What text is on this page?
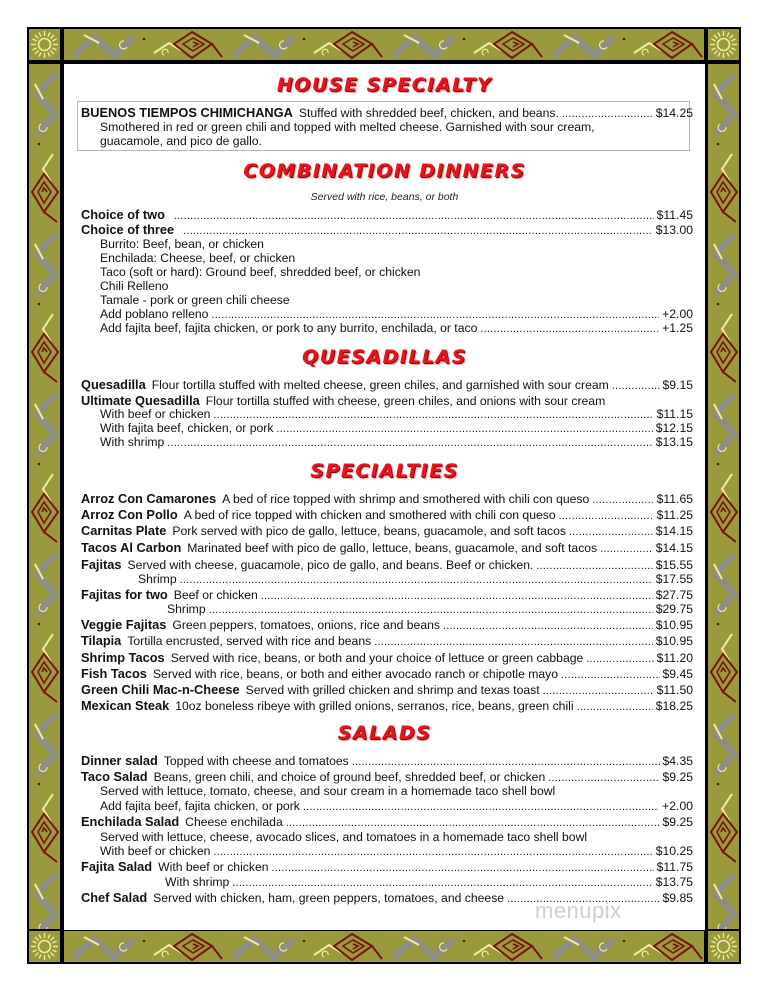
HOUSE SPECIALTY
BUENOS TIEMPOS CHIMICHANGA Stuffed with shredded beef, chicken, and beans. .....	$14.25
Smothered in red or green chili and topped with melted cheese. Garnished with sour cream,
guacamole, and pico de gallo.
COMBINATION DINNERS
Served with rice, beans, or both
Choice of two .....	$11.45
Choice of three .....	$13.00
Burrito: Beef, bean, or chicken
Enchilada: Cheese, beef, or chicken
Taco (soft or hard): Ground beef, shredded beef, or chicken
Chili Relleno
Tamale - pork or green chili cheese
Add poblano relleno .....	+2.00
Add fajita beef, fajita chicken, or pork to any burrito, enchilada, or taco .....	+1.25
QUESADILLAS
Quesadilla Flour tortilla stuffed with melted cheese, green chiles, and garnished with sour cream .....	$9.15
Ultimate Quesadilla Flour tortilla stuffed with cheese, green chiles, and onions with sour cream
With beef or chicken .....	$11.15
With fajita beef, chicken, or pork .....	$12.15
With shrimp .....	$13.15
SPECIALTIES
Arroz Con Camarones A bed of rice topped with shrimp and smothered with chili con queso .....	$11.65
Arroz Con Pollo A bed of rice topped with chicken and smothered with chili con queso .....	$11.25
Carnitas Plate Pork served with pico de gallo, lettuce, beans, guacamole, and soft tacos .....	$14.15
Tacos Al Carbon Marinated beef with pico de gallo, lettuce, beans, guacamole, and soft tacos .....	$14.15
Fajitas Served with cheese, guacamole, pico de gallo, and beans. Beef or chicken. .....	$15.55
Shrimp .....	$17.55
Fajitas for two Beef or chicken .....	$27.75
Shrimp .....	$29.75
Veggie Fajitas Green peppers, tomatoes, onions, rice and beans .....	$10.95
Tilapia Tortilla encrusted, served with rice and beans .....	$10.95
Shrimp Tacos Served with rice, beans, or both and your choice of lettuce or green cabbage .....	$11.20
Fish Tacos Served with rice, beans, or both and either avocado ranch or chipotle mayo .....	$9.45
Green Chili Mac-n-Cheese Served with grilled chicken and shrimp and texas toast .....	$11.50
Mexican Steak 10oz boneless ribeye with grilled onions, serranos, rice, beans, green chili .....	$18.25
SALADS
Dinner salad Topped with cheese and tomatoes .....	$4.35
Taco Salad Beans, green chili, and choice of ground beef, shredded beef, or chicken .....	$9.25
Served with lettuce, tomato, cheese, and sour cream in a homemade taco shell bowl
Add fajita beef, fajita chicken, or pork .....	+2.00
Enchilada Salad Cheese enchilada .....	$9.25
Served with lettuce, cheese, avocado slices, and tomatoes in a homemade taco shell bowl
With beef or chicken .....	$10.25
Fajita Salad With beef or chicken .....	$11.75
With shrimp .....	$13.75
Chef Salad Served with chicken, ham, green peppers, tomatoes, and cheese .....	$9.85
menupix
